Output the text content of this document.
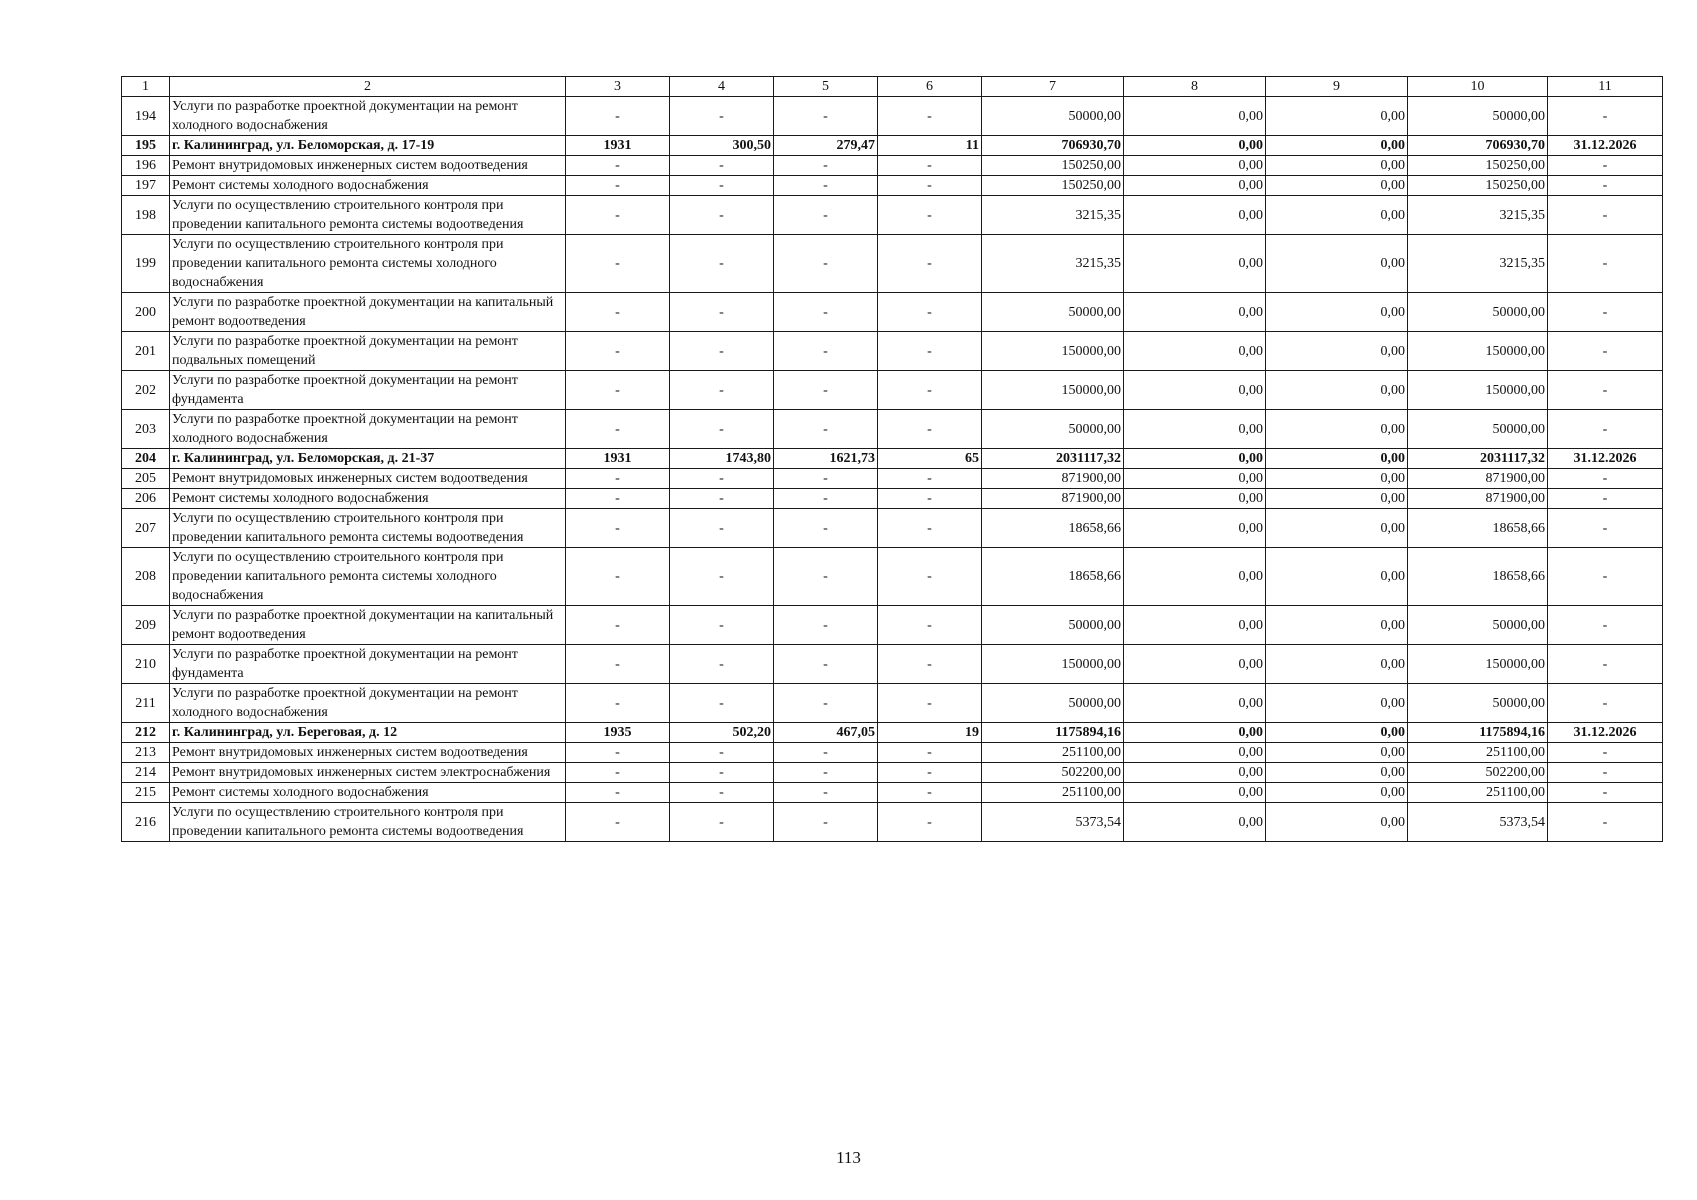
1	2	3	4	5	6	7	8	9	10	11
194	Услуги по разработке проектной документации на ремонт холодного водоснабжения	-	-	-	-	50000,00	0,00	0,00	50000,00	-
195	г. Калининград, ул. Беломорская, д. 17-19	1931	300,50	279,47	11	706930,70	0,00	0,00	706930,70	31.12.2026
196	Ремонт внутридомовых инженерных систем водоотведения	-	-	-	-	150250,00	0,00	0,00	150250,00	-
197	Ремонт системы холодного водоснабжения	-	-	-	-	150250,00	0,00	0,00	150250,00	-
198	Услуги по осуществлению строительного контроля при проведении капитального ремонта системы водоотведения	-	-	-	-	3215,35	0,00	0,00	3215,35	-
199	Услуги по осуществлению строительного контроля при проведении капитального ремонта системы холодного водоснабжения	-	-	-	-	3215,35	0,00	0,00	3215,35	-
200	Услуги по разработке проектной документации на капитальный ремонт водоотведения	-	-	-	-	50000,00	0,00	0,00	50000,00	-
201	Услуги по разработке проектной документации на ремонт подвальных помещений	-	-	-	-	150000,00	0,00	0,00	150000,00	-
202	Услуги по разработке проектной документации на ремонт фундамента	-	-	-	-	150000,00	0,00	0,00	150000,00	-
203	Услуги по разработке проектной документации на ремонт холодного водоснабжения	-	-	-	-	50000,00	0,00	0,00	50000,00	-
204	г. Калининград, ул. Беломорская, д. 21-37	1931	1743,80	1621,73	65	2031117,32	0,00	0,00	2031117,32	31.12.2026
205	Ремонт внутридомовых инженерных систем водоотведения	-	-	-	-	871900,00	0,00	0,00	871900,00	-
206	Ремонт системы холодного водоснабжения	-	-	-	-	871900,00	0,00	0,00	871900,00	-
207	Услуги по осуществлению строительного контроля при проведении капитального ремонта системы водоотведения	-	-	-	-	18658,66	0,00	0,00	18658,66	-
208	Услуги по осуществлению строительного контроля при проведении капитального ремонта системы холодного водоснабжения	-	-	-	-	18658,66	0,00	0,00	18658,66	-
209	Услуги по разработке проектной документации на капитальный ремонт водоотведения	-	-	-	-	50000,00	0,00	0,00	50000,00	-
210	Услуги по разработке проектной документации на ремонт фундамента	-	-	-	-	150000,00	0,00	0,00	150000,00	-
211	Услуги по разработке проектной документации на ремонт холодного водоснабжения	-	-	-	-	50000,00	0,00	0,00	50000,00	-
212	г. Калининград, ул. Береговая, д. 12	1935	502,20	467,05	19	1175894,16	0,00	0,00	1175894,16	31.12.2026
213	Ремонт внутридомовых инженерных систем водоотведения	-	-	-	-	251100,00	0,00	0,00	251100,00	-
214	Ремонт внутридомовых инженерных систем электроснабжения	-	-	-	-	502200,00	0,00	0,00	502200,00	-
215	Ремонт системы холодного водоснабжения	-	-	-	-	251100,00	0,00	0,00	251100,00	-
216	Услуги по осуществлению строительного контроля при проведении капитального ремонта системы водоотведения	-	-	-	-	5373,54	0,00	0,00	5373,54	-
113
